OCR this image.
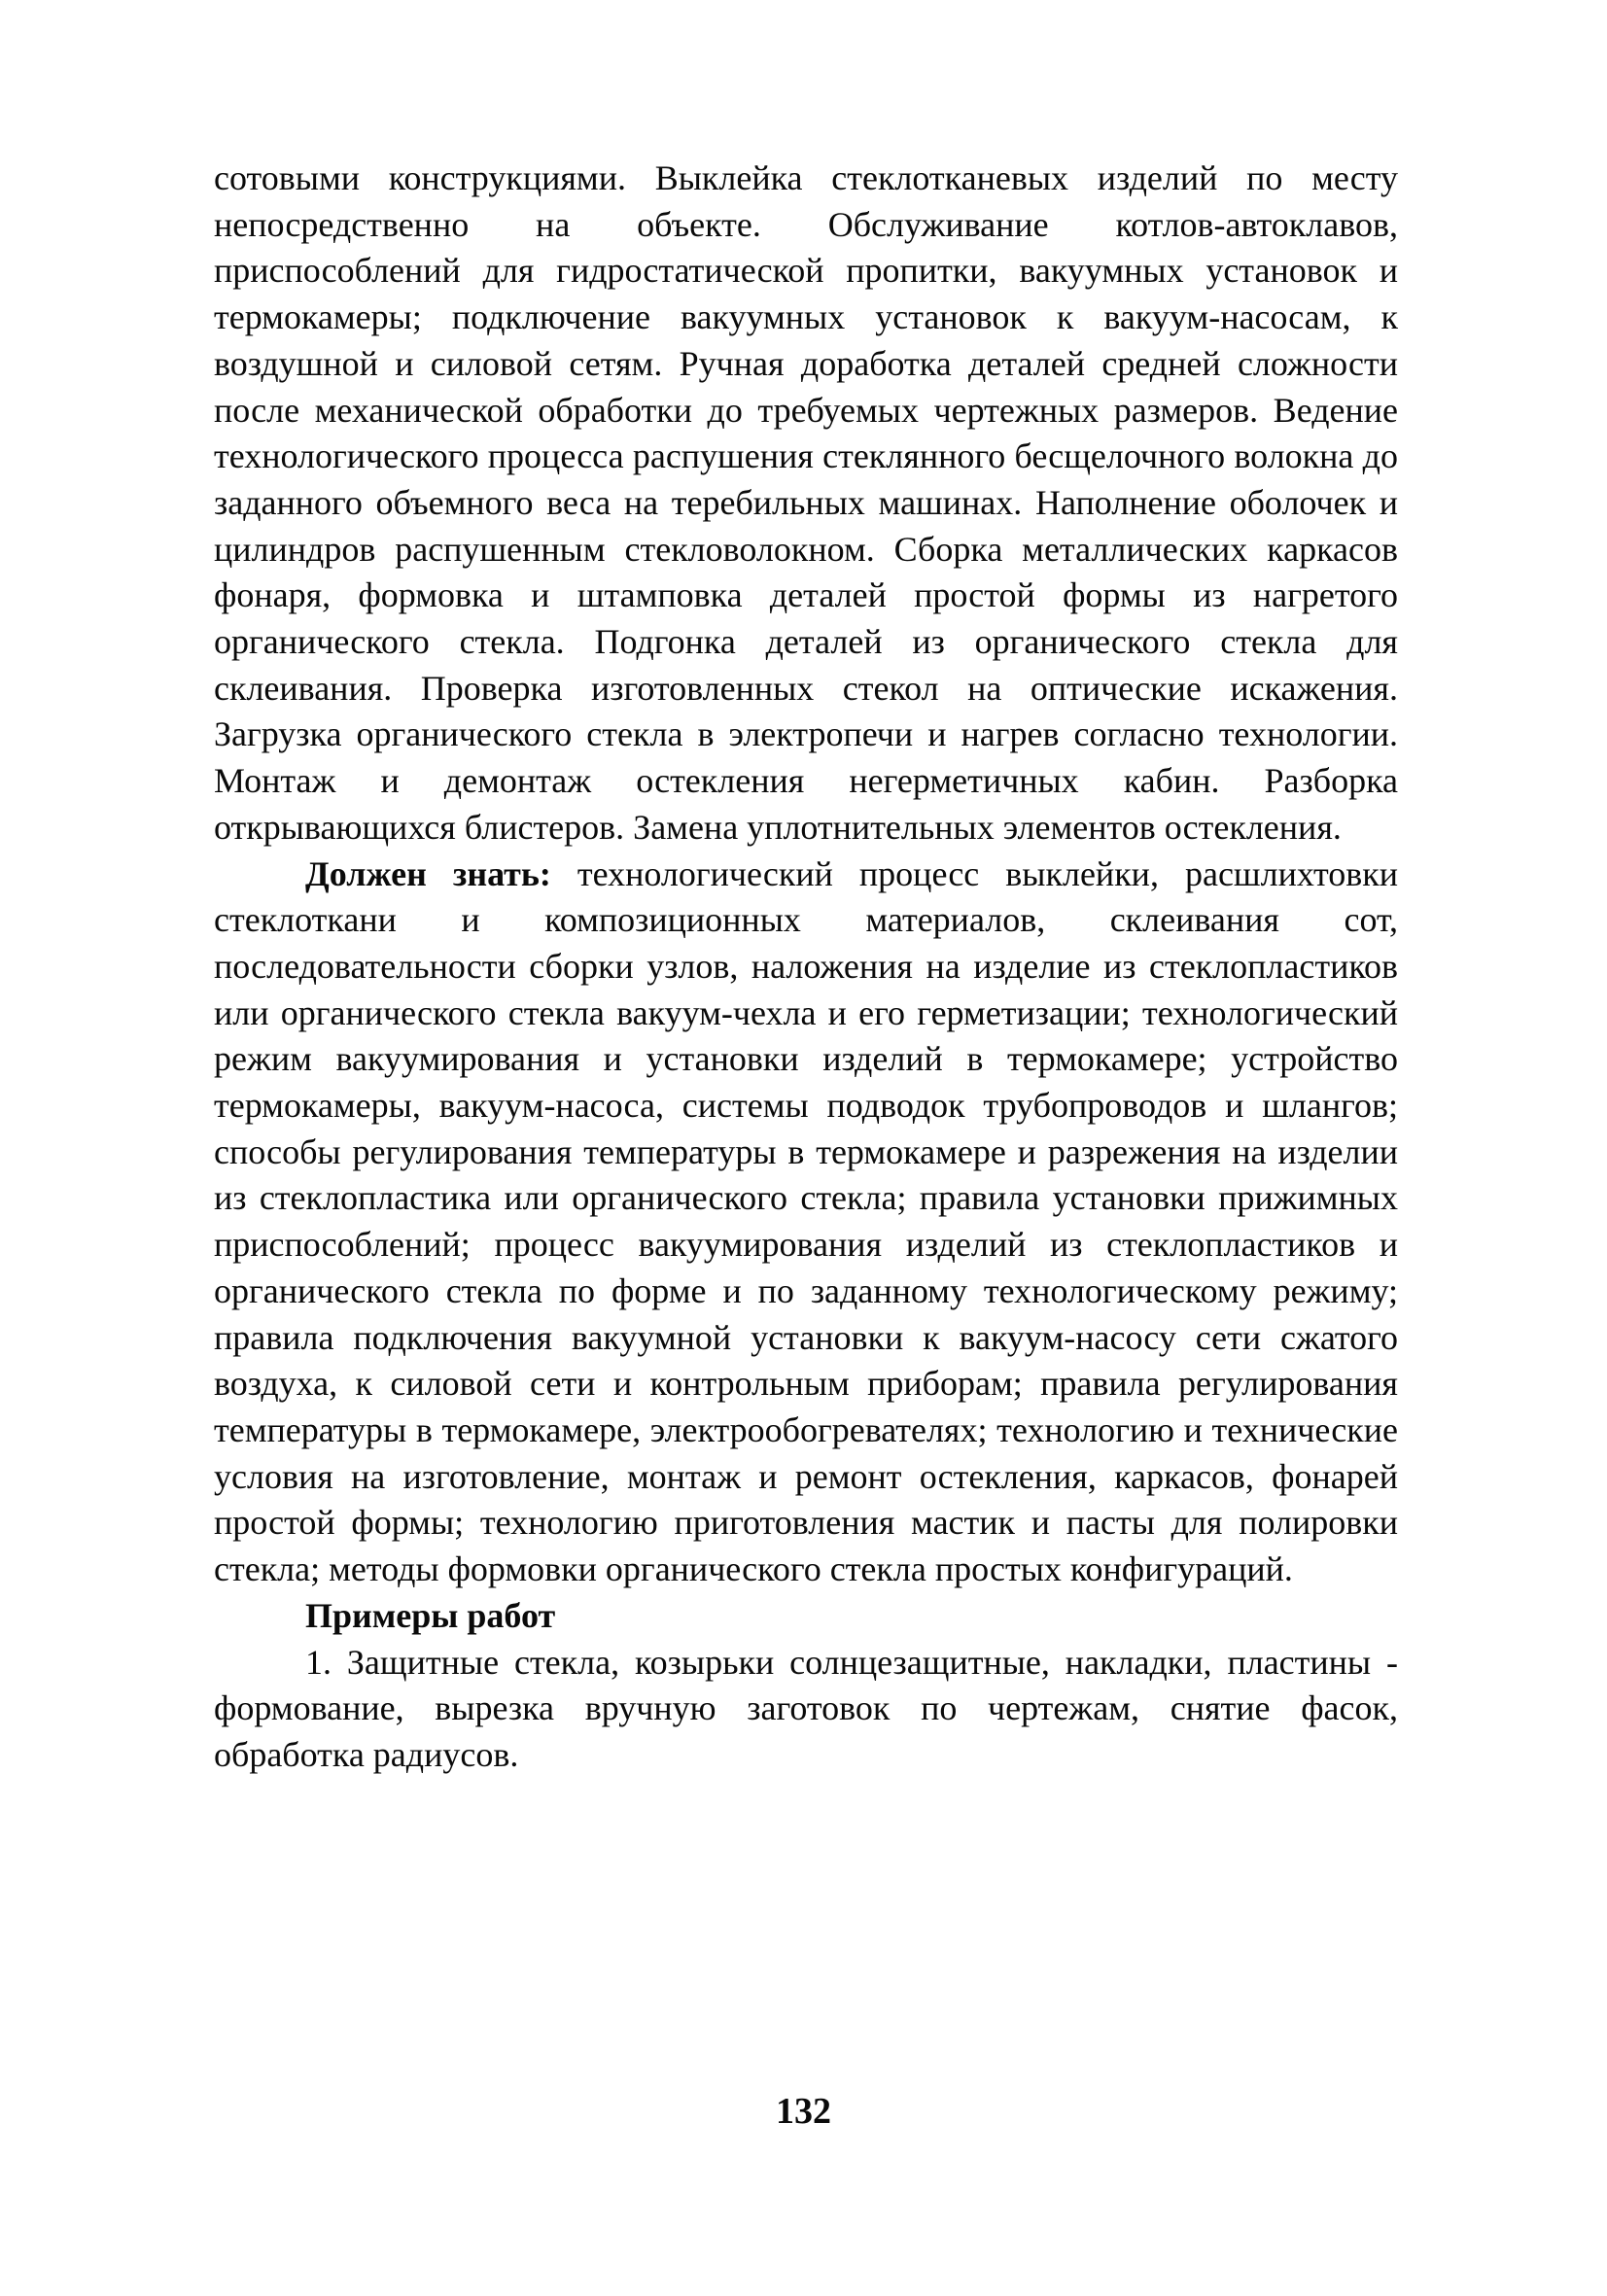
сотовыми конструкциями. Выклейка стеклотканевых изделий по месту непосредственно на объекте. Обслуживание котлов-автоклавов, приспособлений для гидростатической пропитки, вакуумных установок и термокамеры; подключение вакуумных установок к вакуум-насосам, к воздушной и силовой сетям. Ручная доработка деталей средней сложности после механической обработки до требуемых чертежных размеров. Ведение технологического процесса распушения стеклянного бесщелочного волокна до заданного объемного веса на теребильных машинах. Наполнение оболочек и цилиндров распушенным стекловолокном. Сборка металлических каркасов фонаря, формовка и штамповка деталей простой формы из нагретого органического стекла. Подгонка деталей из органического стекла для склеивания. Проверка изготовленных стекол на оптические искажения. Загрузка органического стекла в электропечи и нагрев согласно технологии. Монтаж и демонтаж остекления негерметичных кабин. Разборка открывающихся блистеров. Замена уплотнительных элементов остекления.

Должен знать: технологический процесс выклейки, расшлихтовки стеклоткани и композиционных материалов, склеивания сот, последовательности сборки узлов, наложения на изделие из стеклопластиков или органического стекла вакуум-чехла и его герметизации; технологический режим вакуумирования и установки изделий в термокамере; устройство термокамеры, вакуум-насоса, системы подводок трубопроводов и шлангов; способы регулирования температуры в термокамере и разрежения на изделии из стеклопластика или органического стекла; правила установки прижимных приспособлений; процесс вакуумирования изделий из стеклопластиков и органического стекла по форме и по заданному технологическому режиму; правила подключения вакуумной установки к вакуум-насосу сети сжатого воздуха, к силовой сети и контрольным приборам; правила регулирования температуры в термокамере, электрообогревателях; технологию и технические условия на изготовление, монтаж и ремонт остекления, каркасов, фонарей простой формы; технологию приготовления мастик и пасты для полировки стекла; методы формовки органического стекла простых конфигураций.

Примеры работ

1. Защитные стекла, козырьки солнцезащитные, накладки, пластины - формование, вырезка вручную заготовок по чертежам, снятие фасок, обработка радиусов.

132
